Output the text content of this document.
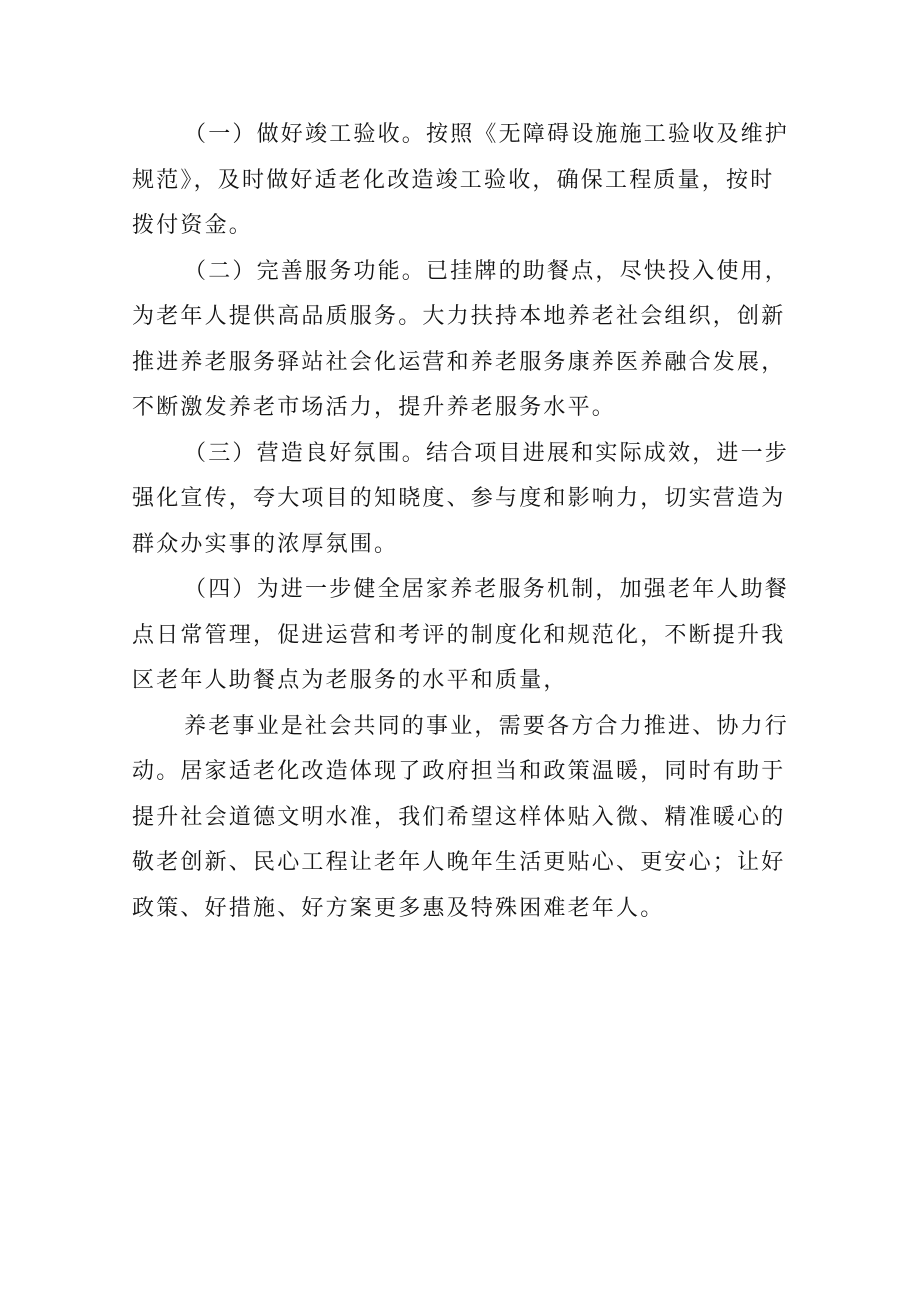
（一）做好竣工验收。按照《无障碍设施施工验收及维护规范》，及时做好适老化改造竣工验收，确保工程质量，按时拨付资金。

（二）完善服务功能。已挂牌的助餐点，尽快投入使用，为老年人提供高品质服务。大力扶持本地养老社会组织，创新推进养老服务驿站社会化运营和养老服务康养医养融合发展，不断激发养老市场活力，提升养老服务水平。

（三）营造良好氛围。结合项目进展和实际成效，进一步强化宣传，夸大项目的知晓度、参与度和影响力，切实营造为群众办实事的浓厚氛围。

（四）为进一步健全居家养老服务机制，加强老年人助餐点日常管理，促进运营和考评的制度化和规范化，不断提升我区老年人助餐点为老服务的水平和质量，

养老事业是社会共同的事业，需要各方合力推进、协力行动。居家适老化改造体现了政府担当和政策温暖，同时有助于提升社会道德文明水准，我们希望这样体贴入微、精准暖心的敬老创新、民心工程让老年人晚年生活更贴心、更安心；让好政策、好措施、好方案更多惠及特殊困难老年人。
